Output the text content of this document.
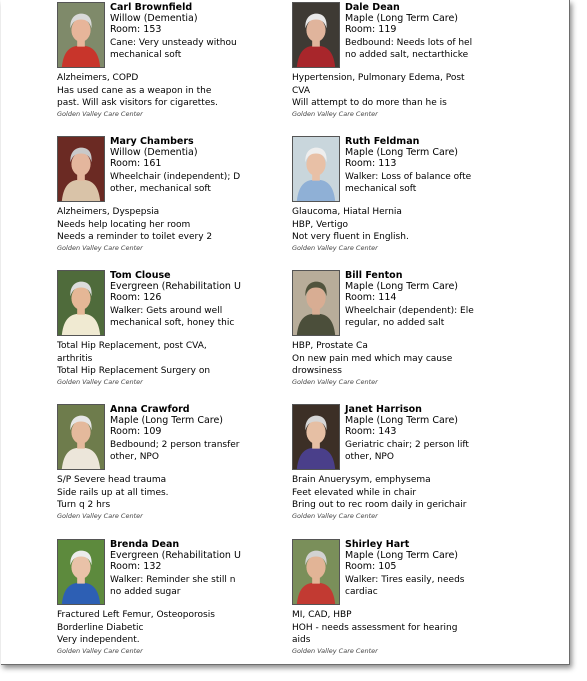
Carl Brownfield
Willow (Dementia)
Room: 153
Cane: Very unsteady withou
mechanical soft
Alzheimers, COPD
Has used cane as a weapon in the
past. Will ask visitors for cigarettes.
Golden Valley Care Center
Dale Dean
Maple (Long Term Care)
Room: 119
Bedbound: Needs lots of hel
no added salt, nectarthicke
Hypertension, Pulmonary Edema, Post
CVA
Will attempt to do more than he is
Golden Valley Care Center
Mary Chambers
Willow (Dementia)
Room: 161
Wheelchair (independent); D
other, mechanical soft
Alzheimers, Dyspepsia
Needs help locating her room
Needs a reminder to toilet every 2
Golden Valley Care Center
Ruth Feldman
Maple (Long Term Care)
Room: 113
Walker: Loss of balance ofte
mechanical soft
Glaucoma, Hiatal Hernia
HBP, Vertigo
Not very fluent in English.
Golden Valley Care Center
Tom Clouse
Evergreen (Rehabilitation U
Room: 126
Walker: Gets around well
mechanical soft, honey thic
Total Hip Replacement, post CVA,
arthritis
Total Hip Replacement Surgery on
Golden Valley Care Center
Bill Fenton
Maple (Long Term Care)
Room: 114
Wheelchair (dependent): Ele
regular, no added salt
HBP, Prostate Ca
On new pain med which may cause
drowsiness
Golden Valley Care Center
Anna Crawford
Maple (Long Term Care)
Room: 109
Bedbound; 2 person transfer
other, NPO
S/P Severe head trauma
Side rails up at all times.
Turn q 2 hrs
Golden Valley Care Center
Janet Harrison
Maple (Long Term Care)
Room: 143
Geriatric chair; 2 person lift
other, NPO
Brain Anuerysym, emphysema
Feet elevated while in chair
Bring out to rec room daily in gerichair
Golden Valley Care Center
Brenda Dean
Evergreen (Rehabilitation U
Room: 132
Walker: Reminder she still n
no added sugar
Fractured Left Femur, Osteoporosis
Borderline Diabetic
Very independent.
Golden Valley Care Center
Shirley Hart
Maple (Long Term Care)
Room: 105
Walker: Tires easily, needs
cardiac
MI, CAD, HBP
HOH - needs assessment for hearing
aids
Golden Valley Care Center
